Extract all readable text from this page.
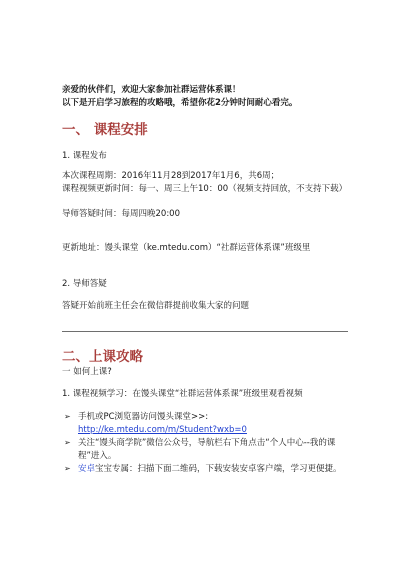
亲爱的伙伴们，欢迎大家参加社群运营体系课！
以下是开启学习旅程的攻略哦，希望你花2分钟时间耐心看完。
一、 课程安排
1. 课程发布
本次课程周期：2016年11月28到2017年1月6，共6周；
课程视频更新时间：每一、周三上午10：00（视频支持回放，不支持下载）
导师答疑时间：每周四晚20:00
更新地址：馒头课堂（ke.mtedu.com）“社群运营体系课”班级里
2. 导师答疑
答疑开始前班主任会在微信群提前收集大家的问题
二、上课攻略
一 如何上课?
1. 课程视频学习：在馒头课堂“社群运营体系课”班级里观看视频
➢ 手机或PC浏览器访问馒头课堂>>:
http://ke.mtedu.com/m/Student?wxb=0
➢ 关注“馒头商学院”微信公众号，导航栏右下角点击“个人中心--我的课程”进入。
➢ 安卓宝宝专属：扫描下面二维码，下载安装安卓客户端，学习更便捷。
